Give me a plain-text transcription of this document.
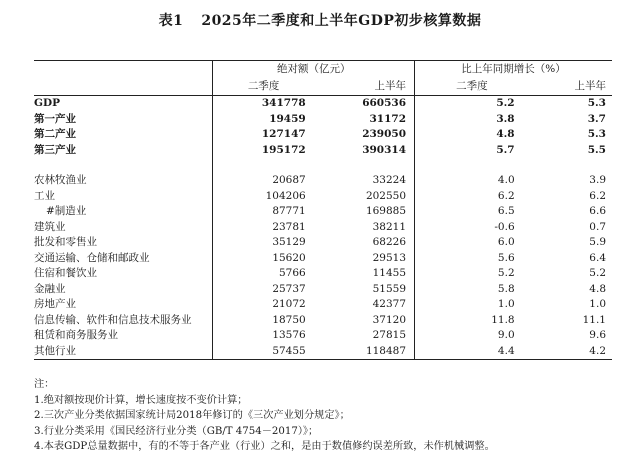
表1 2025年二季度和上半年GDP初步核算数据
	绝对额（亿元）		比上年同期增长（%）	
	二季度	上半年	二季度	上半年
GDP	341778	660536	5.2	5.3
第一产业	19459	31172	3.8	3.7
第二产业	127147	239050	4.8	5.3
第三产业	195172	390314	5.7	5.5

农林牧渔业	20687	33224	4.0	3.9
工业	104206	202550	6.2	6.2
#制造业	87771	169885	6.5	6.6
建筑业	23781	38211	-0.6	0.7
批发和零售业	35129	68226	6.0	5.9
交通运输、仓储和邮政业	15620	29513	5.6	6.4
住宿和餐饮业	5766	11455	5.2	5.2
金融业	25737	51559	5.8	4.8
房地产业	21072	42377	1.0	1.0
信息传输、软件和信息技术服务业	18750	37120	11.8	11.1
租赁和商务服务业	13576	27815	9.0	9.6
其他行业	57455	118487	4.4	4.2
注：
1.绝对额按现价计算，增长速度按不变价计算；
2.三次产业分类依据国家统计局2018年修订的《三次产业划分规定》；
3.行业分类采用《国民经济行业分类（GB/T 4754－2017）》；
4.本表GDP总量数据中，有的不等于各产业（行业）之和，是由于数值修约误差所致，未作机械调整。
